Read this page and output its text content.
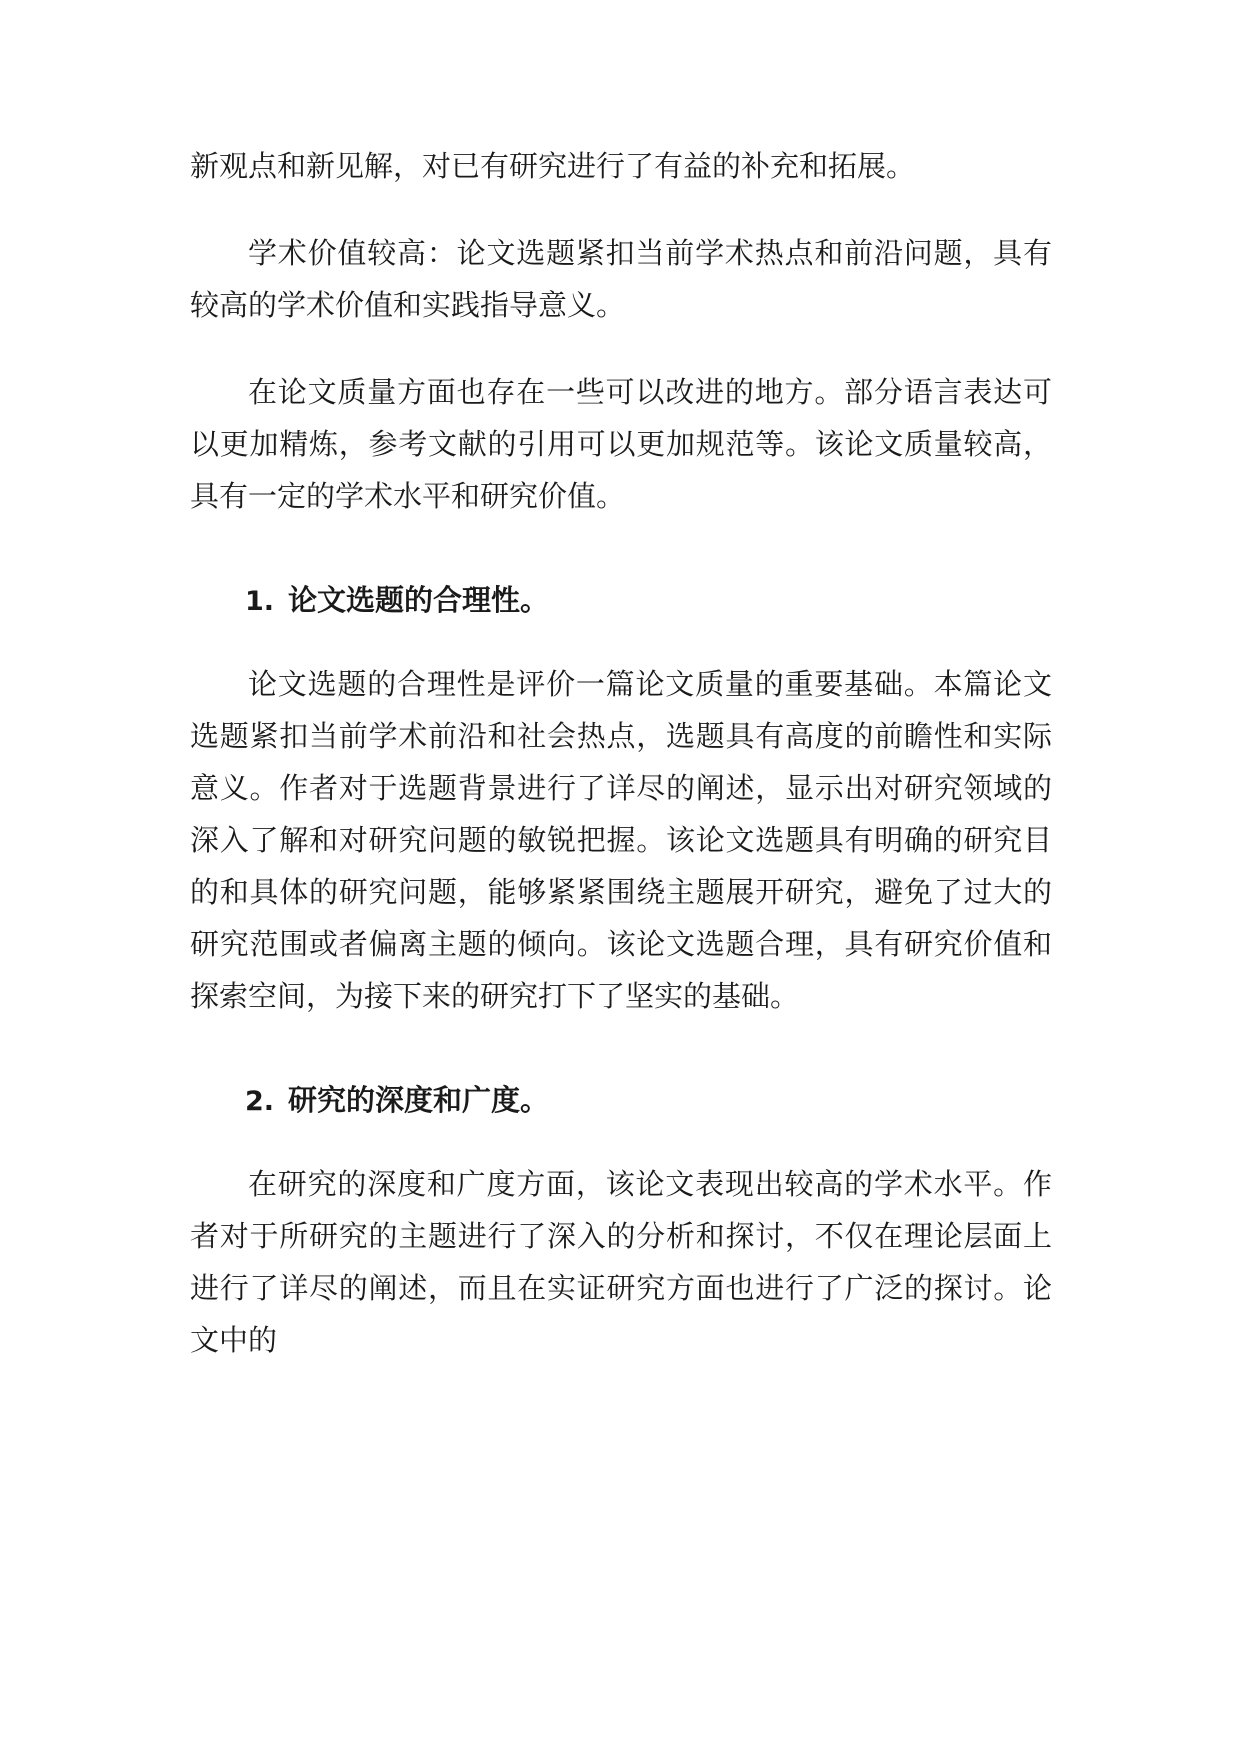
新观点和新见解，对已有研究进行了有益的补充和拓展。

学术价值较高：论文选题紧扣当前学术热点和前沿问题，具有较高的学术价值和实践指导意义。

在论文质量方面也存在一些可以改进的地方。部分语言表达可以更加精炼，参考文献的引用可以更加规范等。该论文质量较高，具有一定的学术水平和研究价值。

1. 论文选题的合理性。

论文选题的合理性是评价一篇论文质量的重要基础。本篇论文选题紧扣当前学术前沿和社会热点，选题具有高度的前瞻性和实际意义。作者对于选题背景进行了详尽的阐述，显示出对研究领域的深入了解和对研究问题的敏锐把握。该论文选题具有明确的研究目的和具体的研究问题，能够紧紧围绕主题展开研究，避免了过大的研究范围或者偏离主题的倾向。该论文选题合理，具有研究价值和探索空间，为接下来的研究打下了坚实的基础。

2. 研究的深度和广度。

在研究的深度和广度方面，该论文表现出较高的学术水平。作者对于所研究的主题进行了深入的分析和探讨，不仅在理论层面上进行了详尽的阐述，而且在实证研究方面也进行了广泛的探讨。论文中的
